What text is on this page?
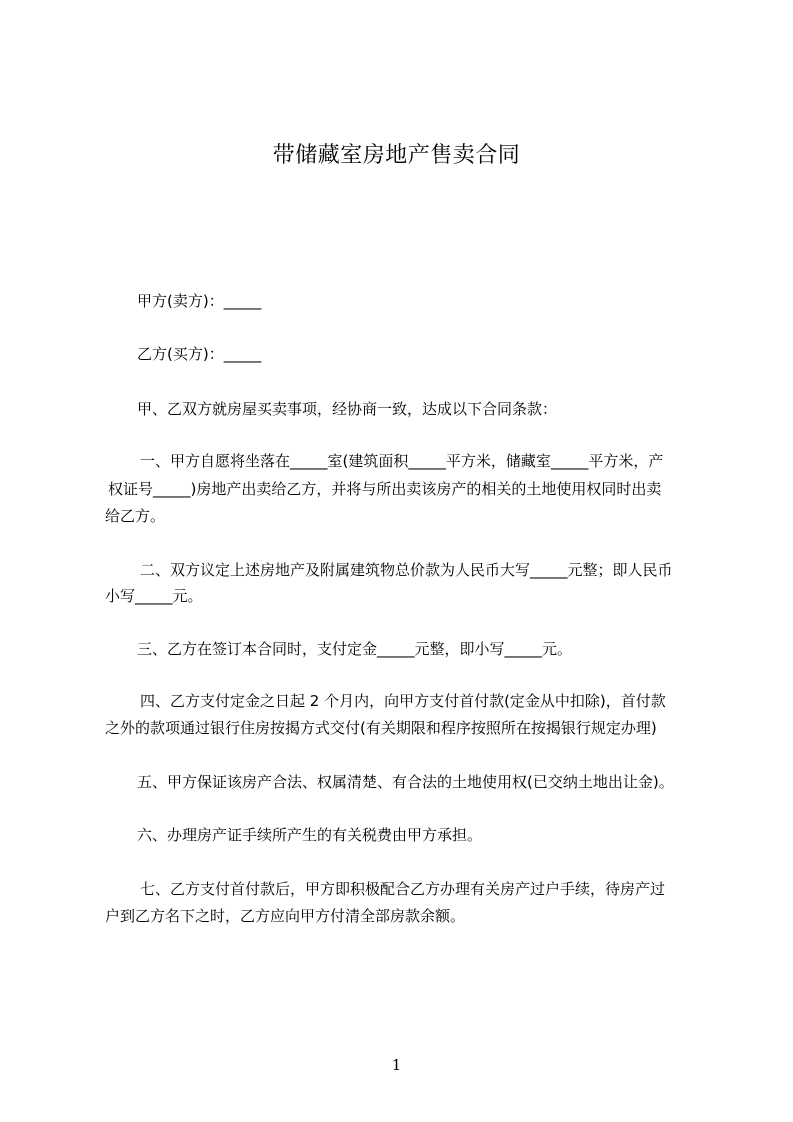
带储藏室房地产售卖合同
甲方(卖方)：_____
乙方(买方)：_____
甲、乙双方就房屋买卖事项，经协商一致，达成以下合同条款：
一、甲方自愿将坐落在_____室(建筑面积_____平方米，储藏室_____平方米，产
权证号_____)房地产出卖给乙方，并将与所出卖该房产的相关的土地使用权同时出卖
给乙方。
二、双方议定上述房地产及附属建筑物总价款为人民币大写_____元整；即人民币
小写_____元。
三、乙方在签订本合同时，支付定金_____元整，即小写_____元。
四、乙方支付定金之日起 2 个月内，向甲方支付首付款(定金从中扣除)，首付款
之外的款项通过银行住房按揭方式交付(有关期限和程序按照所在按揭银行规定办理)
五、甲方保证该房产合法、权属清楚、有合法的土地使用权(已交纳土地出让金)。
六、办理房产证手续所产生的有关税费由甲方承担。
七、乙方支付首付款后，甲方即积极配合乙方办理有关房产过户手续，待房产过
户到乙方名下之时，乙方应向甲方付清全部房款余额。
1
